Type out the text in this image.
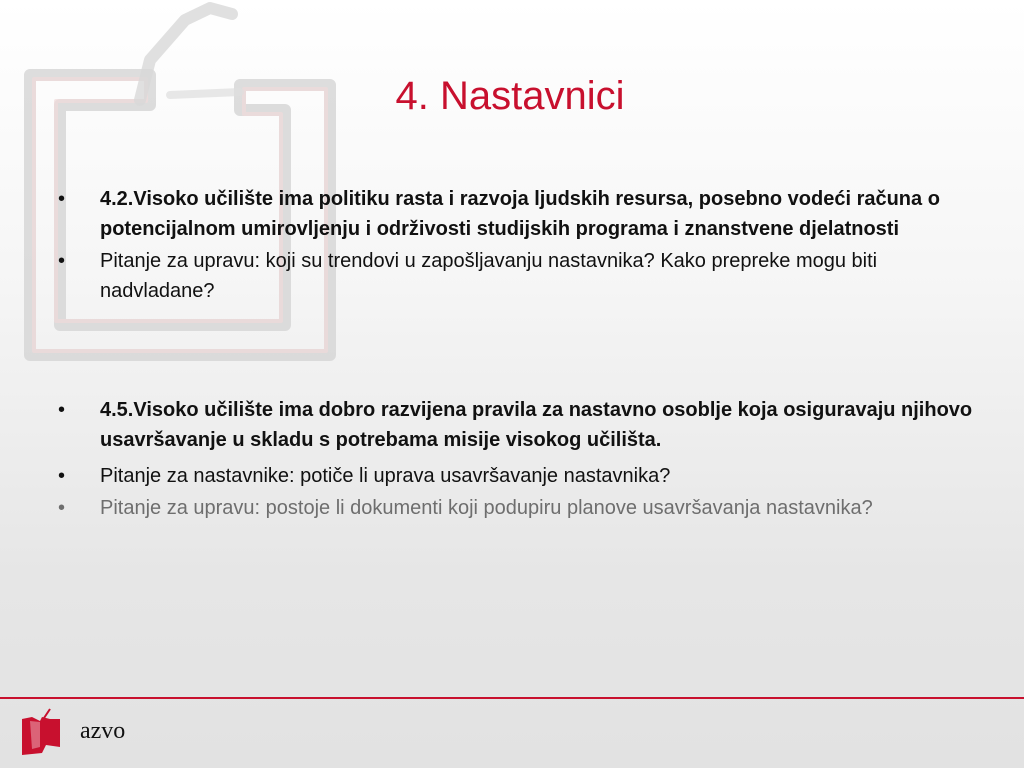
4. Nastavnici
•	4.2.Visoko učilište ima politiku rasta i razvoja ljudskih resursa, posebno vodeći računa o potencijalnom umirovljenju i održivosti studijskih programa i znanstvene djelatnosti
•	Pitanje za upravu: koji su trendovi u zapošljavanju nastavnika? Kako prepreke mogu biti nadvladane?
•	4.5.Visoko učilište ima dobro razvijena pravila za nastavno osoblje koja osiguravaju njihovo usavršavanje u skladu s potrebama misije visokog učilišta.
•	Pitanje za nastavnike: potiče li uprava usavršavanje nastavnika?
•	Pitanje za upravu: postoje li dokumenti koji podupiru planove usavršavanja nastavnika?
azvo
